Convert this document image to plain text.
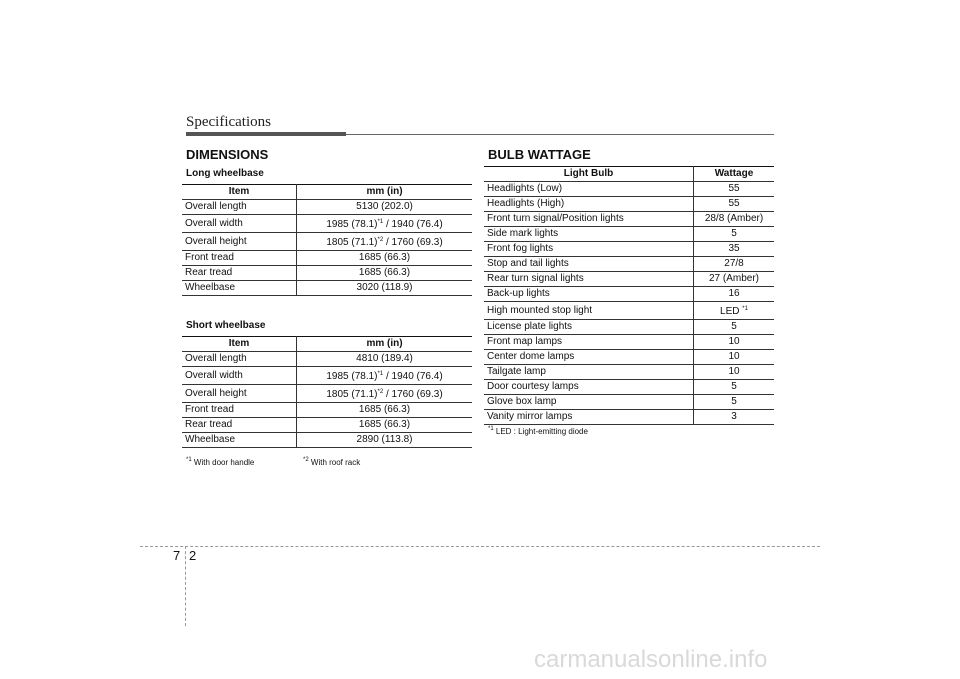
Specifications
DIMENSIONS
Long wheelbase
Item	mm (in)
Overall length	5130 (202.0)
Overall width	1985 $(78.1)^{*1} / 1940$ (76.4)
Overall height	1805 $(71.1)^{*2} / 1760$ (69.3)
Front tread	1685 (66.3)
Rear tread	1685 (66.3)
Wheelbase	3020 (118.9)
Short wheelbase
Item	mm (in)
Overall length	4810 (189.4)
Overall width	1985 $(78.1)^{*1} / 1940$ (76.4)
Overall height	1805 $(71.1)^{*2} / 1760$ (69.3)
Front tread	1685 (66.3)
Rear tread	1685 (66.3)
Wheelbase	2890 (113.8)
$^{*1}$ With door handle	$^{*2}$ With roof rack
BULB WATTAGE
Light Bulb	Wattage
Headlights (Low)	55
Headlights (High)	55
Front turn signal/Position lights	28/8 (Amber)
Side mark lights	5
Front fog lights	35
Stop and tail lights	27/8
Rear turn signal lights	27 (Amber)
Back-up lights	16
High mounted stop light	LED $^{*1}$
License plate lights	5
Front map lamps	10
Center dome lamps	10
Tailgate lamp	10
Door courtesy lamps	5
Glove box lamp	5
Vanity mirror lamps	3
$^{*1}$ LED : Light-emitting diode
7 2
carmanualsonline.info
